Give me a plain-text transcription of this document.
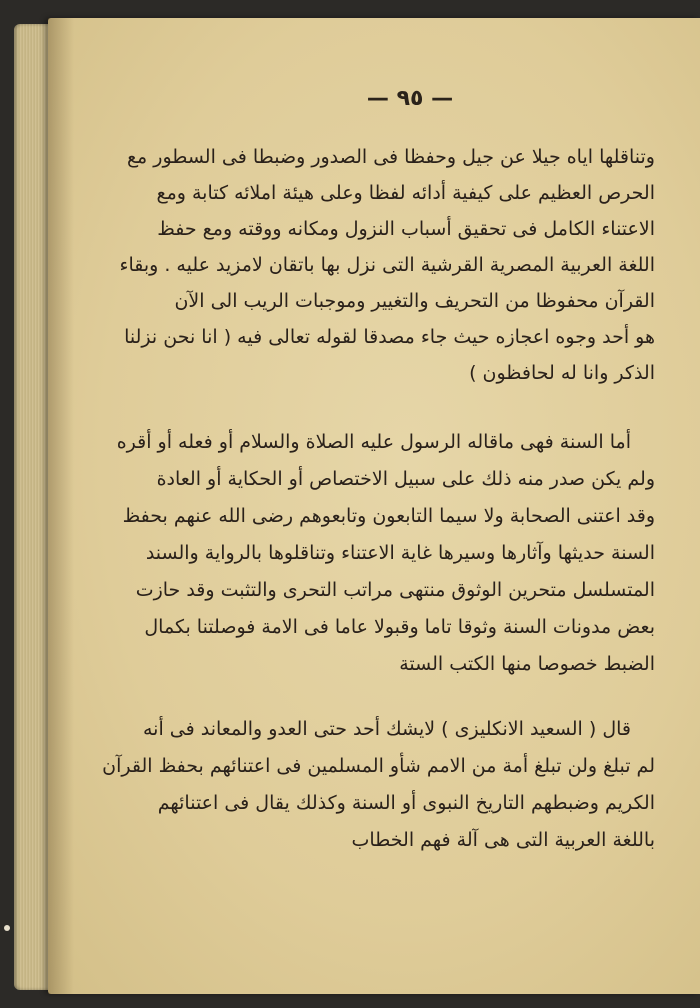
— ٩٥ —
وتناقلها اياه جيلا عن جيل وحفظا فى الصدور وضبطا فى السطور مع
الحرص العظيم على كيفية أدائه لفظا وعلى هيئة املائه كتابة ومع
الاعتناء الكامل فى تحقيق أسباب النزول ومكانه ووقته ومع حفظ
اللغة العربية المصرية القرشية التى نزل بها باتقان لامزيد عليه . وبقاء
القرآن محفوظا من التحريف والتغيير وموجبات الريب الى الآن
هو أحد وجوه اعجازه حيث جاء مصدقا لقوله تعالى فيه ( انا نحن نزلنا
الذكر وانا له لحافظون )
أما السنة فهى ماقاله الرسول عليه الصلاة والسلام أو فعله أو أقره
ولم يكن صدر منه ذلك على سبيل الاختصاص أو الحكاية أو العادة
وقد اعتنى الصحابة ولا سيما التابعون وتابعوهم رضى الله عنهم بحفظ
السنة حديثها وآثارها وسيرها غاية الاعتناء وتناقلوها بالرواية والسند
المتسلسل متحرين الوثوق منتهى مراتب التحرى والتثبت وقد حازت
بعض مدونات السنة وثوقا تاما وقبولا عاما فى الامة فوصلتنا بكمال
الضبط خصوصا منها الكتب الستة
قال ( السعيد الانكليزى ) لايشك أحد حتى العدو والمعاند فى أنه
لم تبلغ ولن تبلغ أمة من الامم شأو المسلمين فى اعتنائهم بحفظ القرآن
الكريم وضبطهم التاريخ النبوى أو السنة وكذلك يقال فى اعتنائهم
باللغة العربية التى هى آلة فهم الخطاب
